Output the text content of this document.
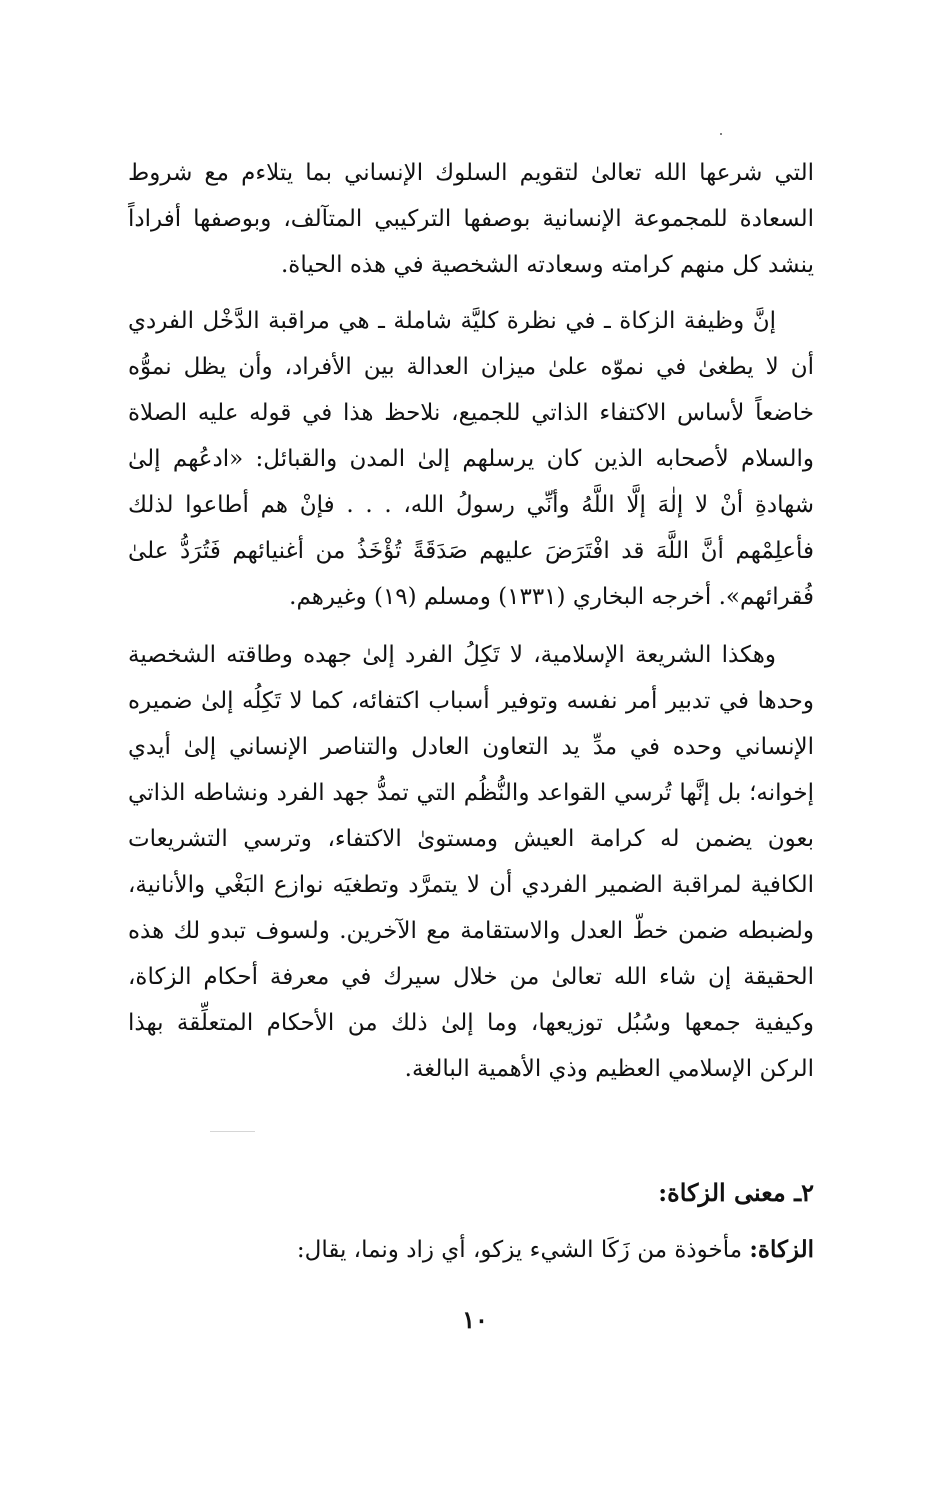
التي شرعها الله تعالىٰ لتقويم السلوك الإنساني بما يتلاءم مع شروط السعادة للمجموعة الإنسانية بوصفها التركيبي المتآلف، وبوصفها أفراداً ينشد كل منهم كرامته وسعادته الشخصية في هذه الحياة.

إنَّ وظيفة الزكاة ـ في نظرة كليَّة شاملة ـ هي مراقبة الدَّخْل الفردي أن لا يطغىٰ في نموّه علىٰ ميزان العدالة بين الأفراد، وأن يظل نموُّه خاضعاً لأساس الاكتفاء الذاتي للجميع، نلاحظ هذا في قوله عليه الصلاة والسلام لأصحابه الذين كان يرسلهم إلىٰ المدن والقبائل: «ادعُهم إلىٰ شهادةِ أنْ لا إلٰهَ إلَّا اللَّهُ وأنِّي رسولُ الله، . . . فإنْ هم أطاعوا لذلك فأعلِمْهم أنَّ اللَّهَ قد افْتَرَضَ عليهم صَدَقَةً تُؤْخَذُ من أغنيائهم فَتُرَدُّ علىٰ فُقرائهم». أخرجه البخاري (١٣٣١) ومسلم (١٩) وغيرهم.

وهكذا الشريعة الإسلامية، لا تَكِلُ الفرد إلىٰ جهده وطاقته الشخصية وحدها في تدبير أمر نفسه وتوفير أسباب اكتفائه، كما لا تَكِلُه إلىٰ ضميره الإنساني وحده في مدِّ يد التعاون العادل والتناصر الإنساني إلىٰ أيدي إخوانه؛ بل إنَّها تُرسي القواعد والنُّظُم التي تمدُّ جهد الفرد ونشاطه الذاتي بعون يضمن له كرامة العيش ومستوىٰ الاكتفاء، وترسي التشريعات الكافية لمراقبة الضمير الفردي أن لا يتمرَّد وتطغيَه نوازع البَغْي والأنانية، ولضبطه ضمن خطّ العدل والاستقامة مع الآخرين. ولسوف تبدو لك هذه الحقيقة إن شاء الله تعالىٰ من خلال سيرك في معرفة أحكام الزكاة، وكيفية جمعها وسُبُل توزيعها، وما إلىٰ ذلك من الأحكام المتعلِّقة بهذا الركن الإسلامي العظيم وذي الأهمية البالغة.

٢ـ معنى الزكاة:

الزكاة: مأخوذة من زَكَا الشيء يزكو، أي زاد ونما، يقال:

١٠
